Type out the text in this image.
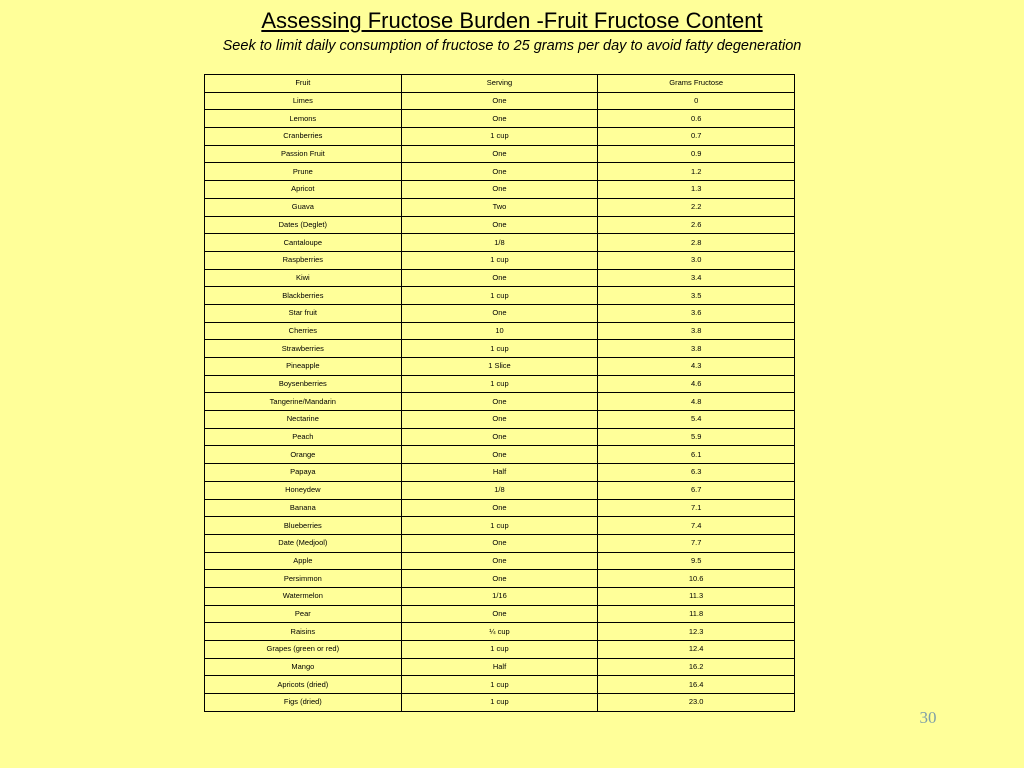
Assessing Fructose Burden -Fruit Fructose Content
Seek to limit daily consumption of fructose to 25 grams per day to avoid fatty degeneration
Fruit	Serving	Grams Fructose
Limes	One	0
Lemons	One	0.6
Cranberries	1 cup	0.7
Passion Fruit	One	0.9
Prune	One	1.2
Apricot	One	1.3
Guava	Two	2.2
Dates (Deglet)	One	2.6
Cantaloupe	1/8	2.8
Raspberries	1 cup	3.0
Kiwi	One	3.4
Blackberries	1 cup	3.5
Star fruit	One	3.6
Cherries	10	3.8
Strawberries	1 cup	3.8
Pineapple	1 Slice	4.3
Boysenberries	1 cup	4.6
Tangerine/Mandarin	One	4.8
Nectarine	One	5.4
Peach	One	5.9
Orange	One	6.1
Papaya	Half	6.3
Honeydew	1/8	6.7
Banana	One	7.1
Blueberries	1 cup	7.4
Date (Medjool)	One	7.7
Apple	One	9.5
Persimmon	One	10.6
Watermelon	1/16	11.3
Pear	One	11.8
Raisins	¼ cup	12.3
Grapes (green or red)	1 cup	12.4
Mango	Half	16.2
Apricots (dried)	1 cup	16.4
Figs (dried)	1 cup	23.0
30
